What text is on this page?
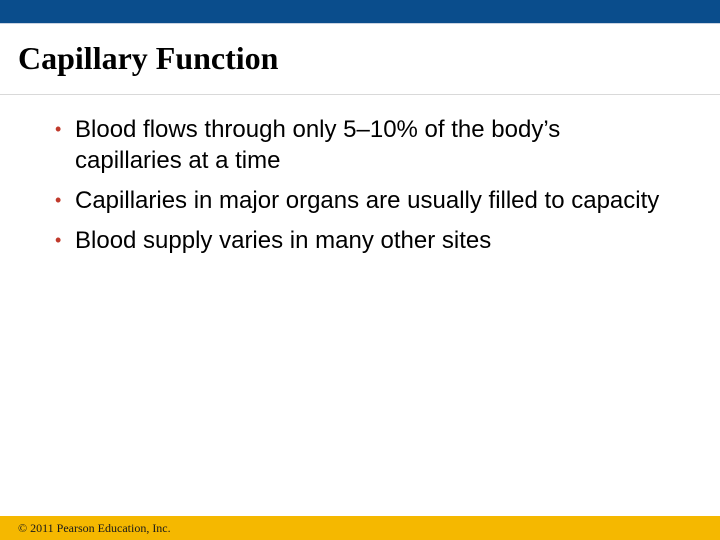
Capillary Function
• Blood flows through only 5–10% of the body’s capillaries at a time
• Capillaries in major organs are usually filled to capacity
• Blood supply varies in many other sites
© 2011 Pearson Education, Inc.
